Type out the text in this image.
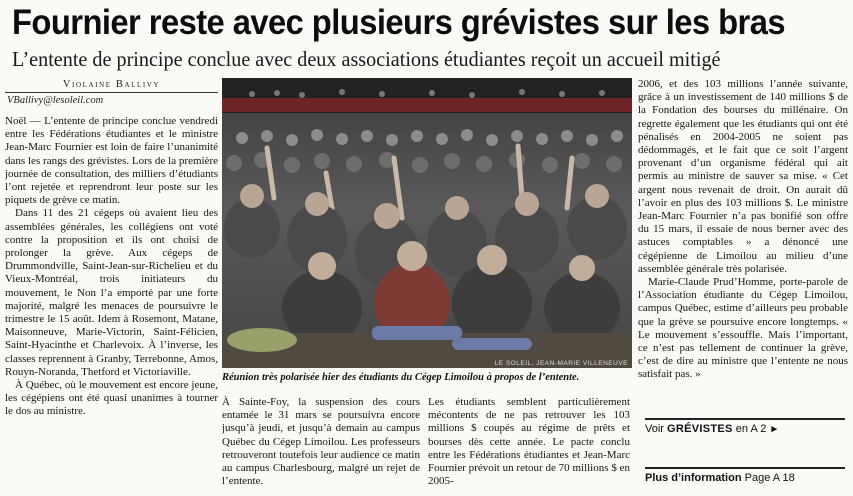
Fournier reste avec plusieurs grévistes sur les bras
L’entente de principe conclue avec deux associations étudiantes reçoit un accueil mitigé
Violaine Ballivy
VBallivy@lesoleil.com

Noël — L’entente de principe conclue vendredi entre les Fédérations étudiantes et le ministre Jean-Marc Fournier est loin de faire l’unanimité dans les rangs des grévistes. Lors de la première journée de consultation, des milliers d’étudiants l’ont rejetée et reprendront leur poste sur les piquets de grève ce matin.

Dans 11 des 21 cégeps où avaient lieu des assemblées générales, les collégiens ont voté contre la proposition et ils ont choisi de prolonger la grève. Aux cégeps de Drummondville, Saint-Jean-sur-Richelieu et du Vieux-Montréal, trois initiateurs du mouvement, le Non l’a emporté par une forte majorité, malgré les menaces de poursuivre le trimestre le 15 août. Idem à Rosemont, Matane, Maisonneuve, Marie-Victorin, Saint-Félicien, Saint-Hyacinthe et Charlevoix. À l’inverse, les classes reprennent à Granby, Terrebonne, Amos, Rouyn-Noranda, Thetford et Victoriaville.

À Québec, où le mouvement est encore jeune, les cégépiens ont été quasi unanimes à tourner le dos au ministre.

LE SOLEIL, JEAN-MARIE VILLENEUVE
Réunion très polarisée hier des étudiants du Cégep Limoilou à propos de l’entente.

À Sainte-Foy, la suspension des cours entamée le 31 mars se poursuivra encore jusqu’à jeudi, et jusqu’à demain au campus Québec du Cégep Limoilou. Les professeurs retrouveront toutefois leur audience ce matin au campus Charlesbourg, malgré un rejet de l’entente.

Les étudiants semblent particulièrement mécontents de ne pas retrouver les 103 millions $ coupés au régime de prêts et bourses dès cette année. Le pacte conclu entre les Fédérations étudiantes et Jean-Marc Fournier prévoit un retour de 70 millions $ en 2005-

2006, et des 103 millions l’année suivante, grâce à un investissement de 140 millions $ de la Fondation des bourses du millénaire. On regrette également que les étudiants qui ont été pénalisés en 2004-2005 ne soient pas dédommagés, et le fait que ce soit l’argent provenant d’un organisme fédéral qui ait permis au ministre de sauver sa mise. « Cet argent nous revenait de droit. On aurait dû l’avoir en plus des 103 millions $. Le ministre Jean-Marc Fournier n’a pas bonifié son offre du 15 mars, il essaie de nous berner avec des astuces comptables » a dénoncé une cégépienne de Limoilou au milieu d’une assemblée générale très polarisée.

Marie-Claude Prud’Homme, porte-parole de l’Association étudiante du Cégep Limoilou, campus Québec, estime d’ailleurs peu probable que la grève se poursuive encore longtemps. « Le mouvement s’essouffle. Mais l’important, ce n’est pas tellement de continuer la grève, c’est de dire au ministre que l’entente ne nous satisfait pas. »

Voir GRÉVISTES en A 2 ►
Plus d’information Page A 18
